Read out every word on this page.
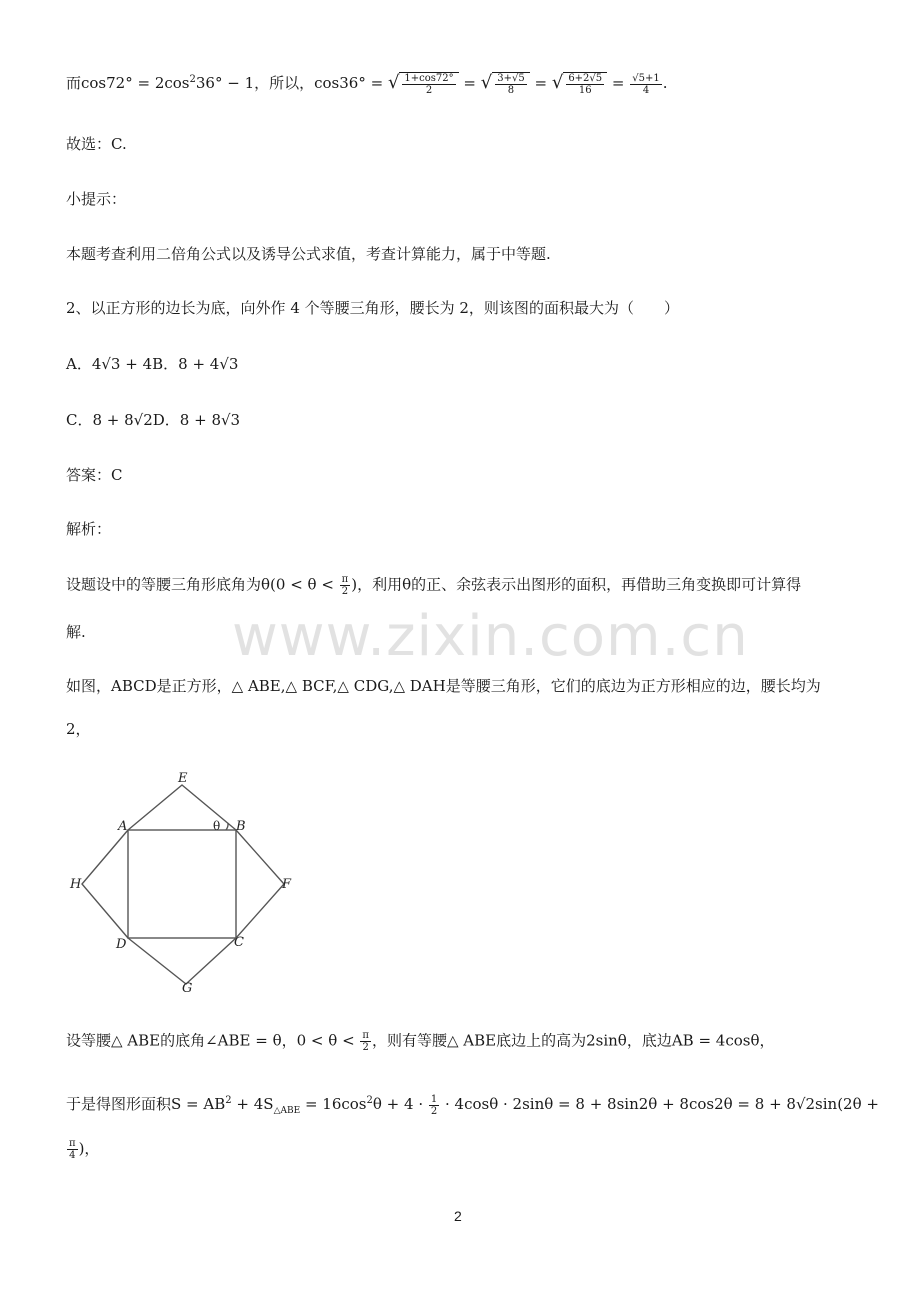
而$\cos 72^\circ = 2\cos^236^\circ - 1$，所以，cos36° = √ $\frac{1+\cos 72^\circ}{2}$ = √ $\frac{3+√5}{8}$ = √ $\frac{6+2√5}{16} = \frac{√5+1}{4}$ .
故选：C.
小提示：
本题考查利用二倍角公式以及诱导公式求值，考查计算能力，属于中等题.
2、以正方形的边长为底，向外作 4 个等腰三角形，腰长为 2，则该图的面积最大为（　　）
A．4√3 + 4B．8 + 4√3
C．8 + 8√2D．8 + 8√3
答案：C
解析：
设题设中的等腰三角形底角为$\theta(0 < \theta < \frac{\pi}{2}$ )，利用θ的正、余弦表示出图形的面积，再借助三角变换即可计算得
解.	www.zixin.com.cn
如图，ABCD是正方形，△ ABE,△ BCF,△ CDG,△ DAH是等腰三角形，它们的底边为正方形相应的边，腰长均为
2，
E
A	B
H	F
D	C
G
θ
设等腰△ ABE的底角∠ABE = θ，$0 < \theta < \frac{\pi}{2}$ ，则有等腰△ ABE底边上的高为2sinθ，底边AB = 4cosθ，
于是得图形面积$S = AB^2 + 4S_{\triangle ABE} = 16\cos^2\theta + 4 \cdot \frac{1}{2} \cdot 4\cos\theta \cdot 2\sin\theta = 8 + 8\sin 2\theta + 8\cos 2\theta = 8 + 8√2\sin(2\theta$ +
$\frac{\pi}{4}$ )，
2
